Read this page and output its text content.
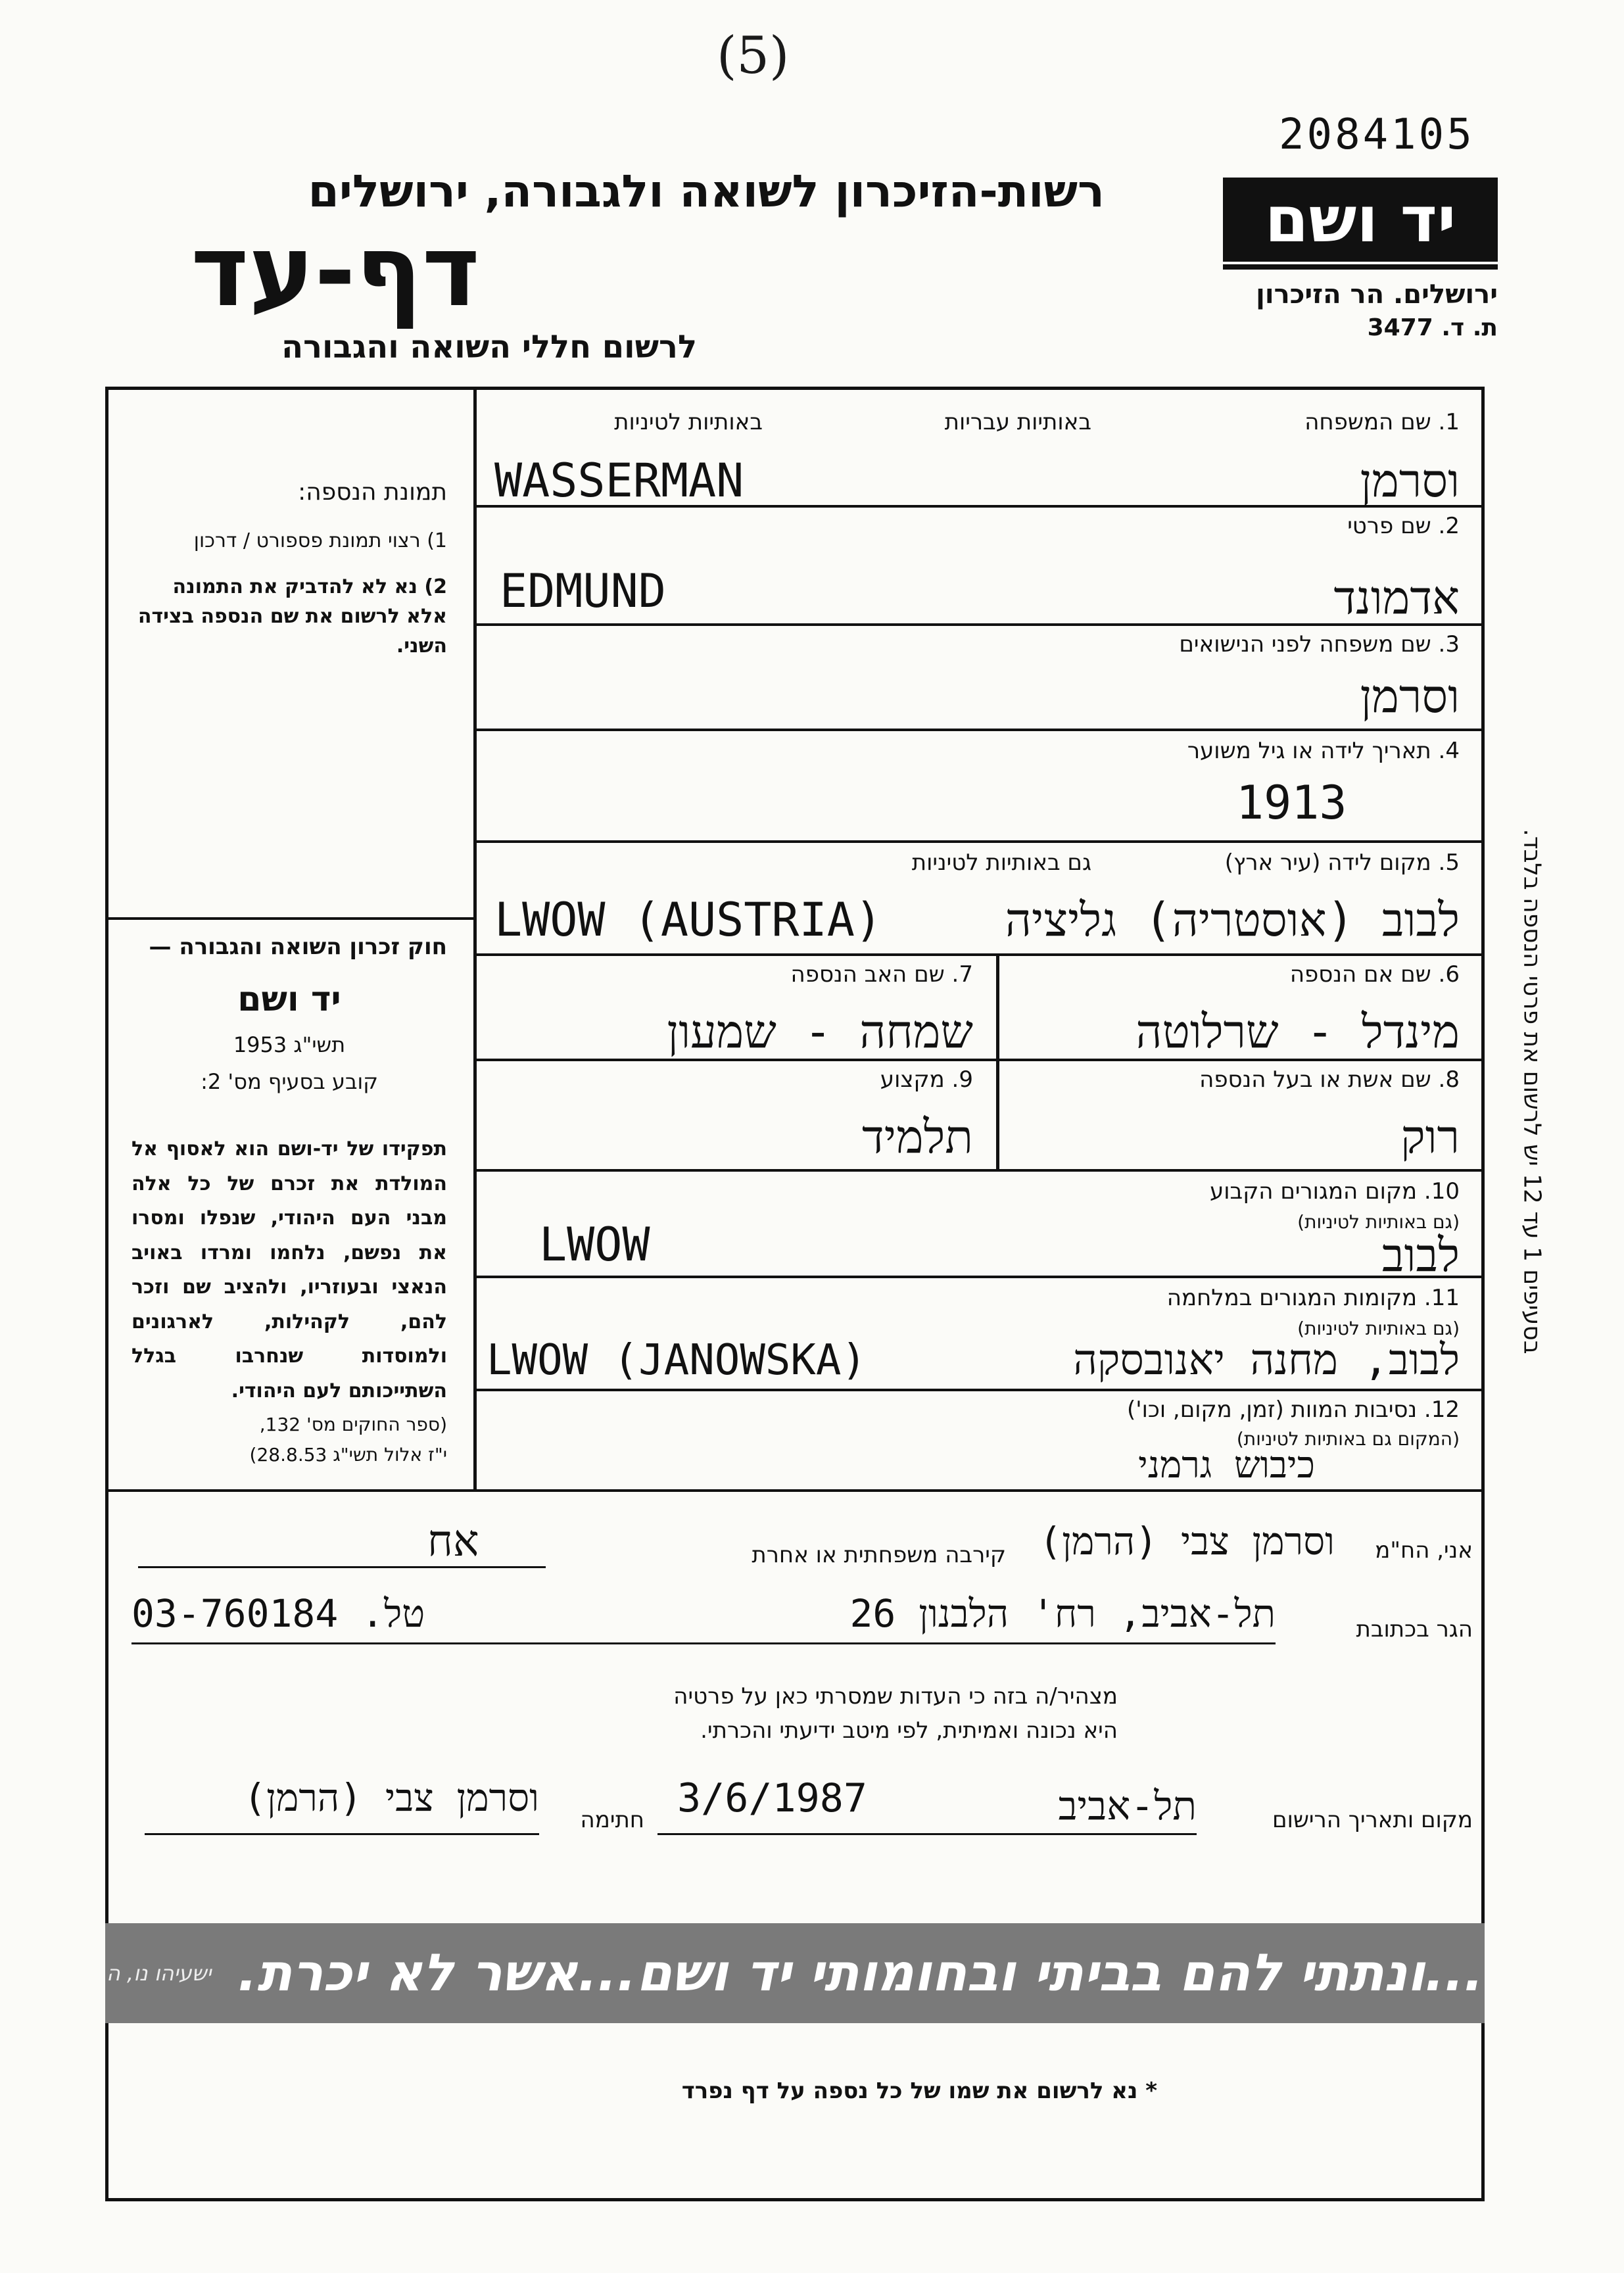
(5)
2084105
יד ושם
ירושלים. הר הזיכרון
ת. ד. 3477
רשות-הזיכרון לשואה ולגבורה, ירושלים
דף-עד
לרשום חללי השואה והגבורה
1. שם המשפחה
באותיות עבריות
באותיות לטיניות
WASSERMAN	וסרמן
2. שם פרטי
EDMUND	אדמונד
3. שם משפחה לפני הנישואים
וסרמן
4. תאריך לידה או גיל משוער
1913
5. מקום לידה (עיר ארץ)
גם באותיות לטיניות
LWOW (AUSTRIA)	לבוב (אוסטריה) גליציה
6. שם אם הנספה
מינדל - שרלוטה
7. שם האב הנספה
שמחה - שמעון
8. שם אשת או בעל הנספה
רוק
9. מקצוע
תלמיד
10. מקום המגורים הקבוע
(גם באותיות לטיניות)
LWOW	לבוב
11. מקומות המגורים במלחמה
(גם באותיות לטיניות)
LWOW (JANOWSKA)	לבוב, מחנה יאנובסקה
12. נסיבות המוות (זמן, מקום, וכו')
(המקום גם באותיות לטיניות)
כיבוש גרמני
תמונת הנספה:
1) רצוי תמונת פספורט / דרכון
2) נא לא להדביק את התמונה אלא לרשום את שם הנספה בצידה השני.
חוק זכרון השואה והגבורה —
יד ושם
תשי"ג 1953
קובע בסעיף מס' 2:
תפקידו של יד-ושם הוא לאסוף אל המולדת את זכרם של כל אלה מבני העם היהודי, שנפלו ומסרו את נפשם, נלחמו ומרדו באויב הנאצי ובעוזריו, ולהציב שם וזכר להם, לקהילות, לארגונים ולמוסדות שנחרבו בגלל השתייכותם לעם היהודי.
(ספר החוקים מס' 132,
י"ז אלול תשי"ג 28.8.53)
אני, הח"מ
וסרמן צבי (הרמן)
קירבה משפחתית או אחרת
אח
הגר בכתובת
תל-אביב, רח' הלבנון 26
טל. 03-760184
מצהיר/ה בזה כי העדות שמסרתי כאן על פרטיה
היא נכונה ואמיתית, לפי מיטב ידיעתי והכרתי.
מקום ותאריך הרישום
תל-אביב
3/6/1987
חתימה
וסרמן צבי (הרמן)
בסעיפים 1 עד 12 יש לרשום את פרטי הנספה בלבד.
...ונתתי להם בביתי ובחומותי יד ושם...אשר לא יכרת.
ישעיהו נו, ה
* נא לרשום את שמו של כל נספה על דף נפרד
